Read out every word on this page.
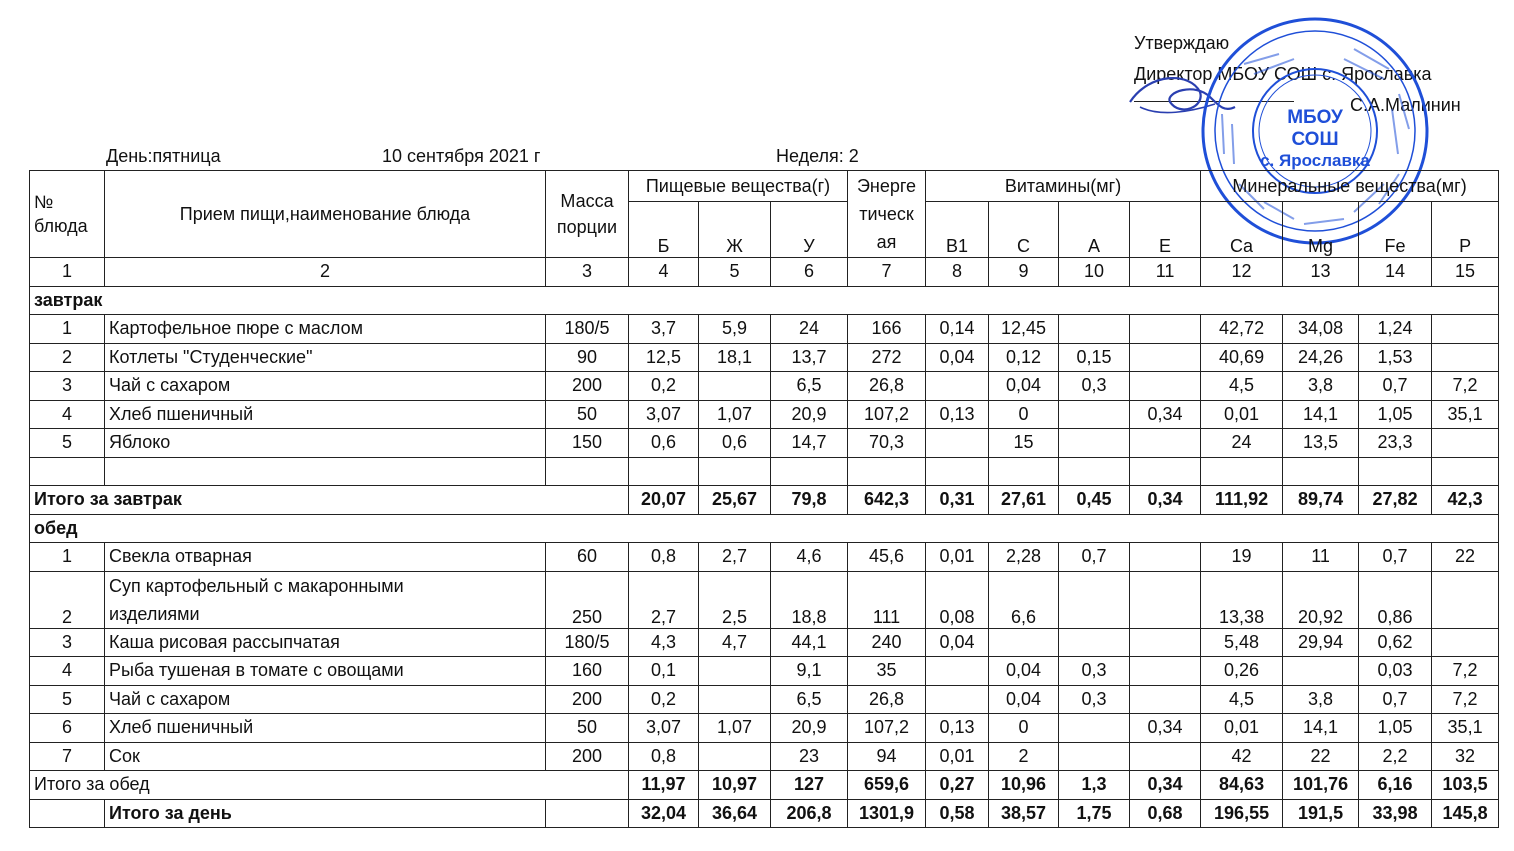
Утверждаю
Директор МБОУ СОШ с. Ярославка
С.А.Малинин
МБОУ
СОШ
с. Ярославка
День:пятница	10 сентября 2021 г	Неделя: 2
№ блюда	Прием пищи,наименование блюда	Масса порции	Пищевые вещества(г)			Энерге тическ ая	Витамины(мг)				Минеральные вещества(мг)			
			Б	Ж	У		B1	C	A	E	Ca	Mg	Fe	P
1	2	3	4	5	6	7	8	9	10	11	12	13	14	15
завтрак														
1	Картофельное пюре с маслом	180/5	3,7	5,9	24	166	0,14	12,45			42,72	34,08	1,24	
2	Котлеты "Студенческие"	90	12,5	18,1	13,7	272	0,04	0,12	0,15		40,69	24,26	1,53	
3	Чай с сахаром	200	0,2		6,5	26,8		0,04	0,3		4,5	3,8	0,7	7,2
4	Хлеб пшеничный	50	3,07	1,07	20,9	107,2	0,13	0		0,34	0,01	14,1	1,05	35,1
5	Яблоко	150	0,6	0,6	14,7	70,3		15			24	13,5	23,3	

Итого за завтрак			20,07	25,67	79,8	642,3	0,31	27,61	0,45	0,34	111,92	89,74	27,82	42,3
обед														
1	Свекла отварная	60	0,8	2,7	4,6	45,6	0,01	2,28	0,7		19	11	0,7	22
2	Суп картофельный с макаронными
изделиями	250	2,7	2,5	18,8	111	0,08	6,6			13,38	20,92	0,86	
3	Каша рисовая рассыпчатая	180/5	4,3	4,7	44,1	240	0,04				5,48	29,94	0,62	
4	Рыба тушеная в томате с овощами	160	0,1		9,1	35		0,04	0,3		0,26		0,03	7,2
5	Чай с сахаром	200	0,2		6,5	26,8		0,04	0,3		4,5	3,8	0,7	7,2
6	Хлеб пшеничный	50	3,07	1,07	20,9	107,2	0,13	0		0,34	0,01	14,1	1,05	35,1
7	Сок	200	0,8		23	94	0,01	2			42	22	2,2	32
Итого за обед			11,97	10,97	127	659,6	0,27	10,96	1,3	0,34	84,63	101,76	6,16	103,5
	Итого за день		32,04	36,64	206,8	1301,9	0,58	38,57	1,75	0,68	196,55	191,5	33,98	145,8
